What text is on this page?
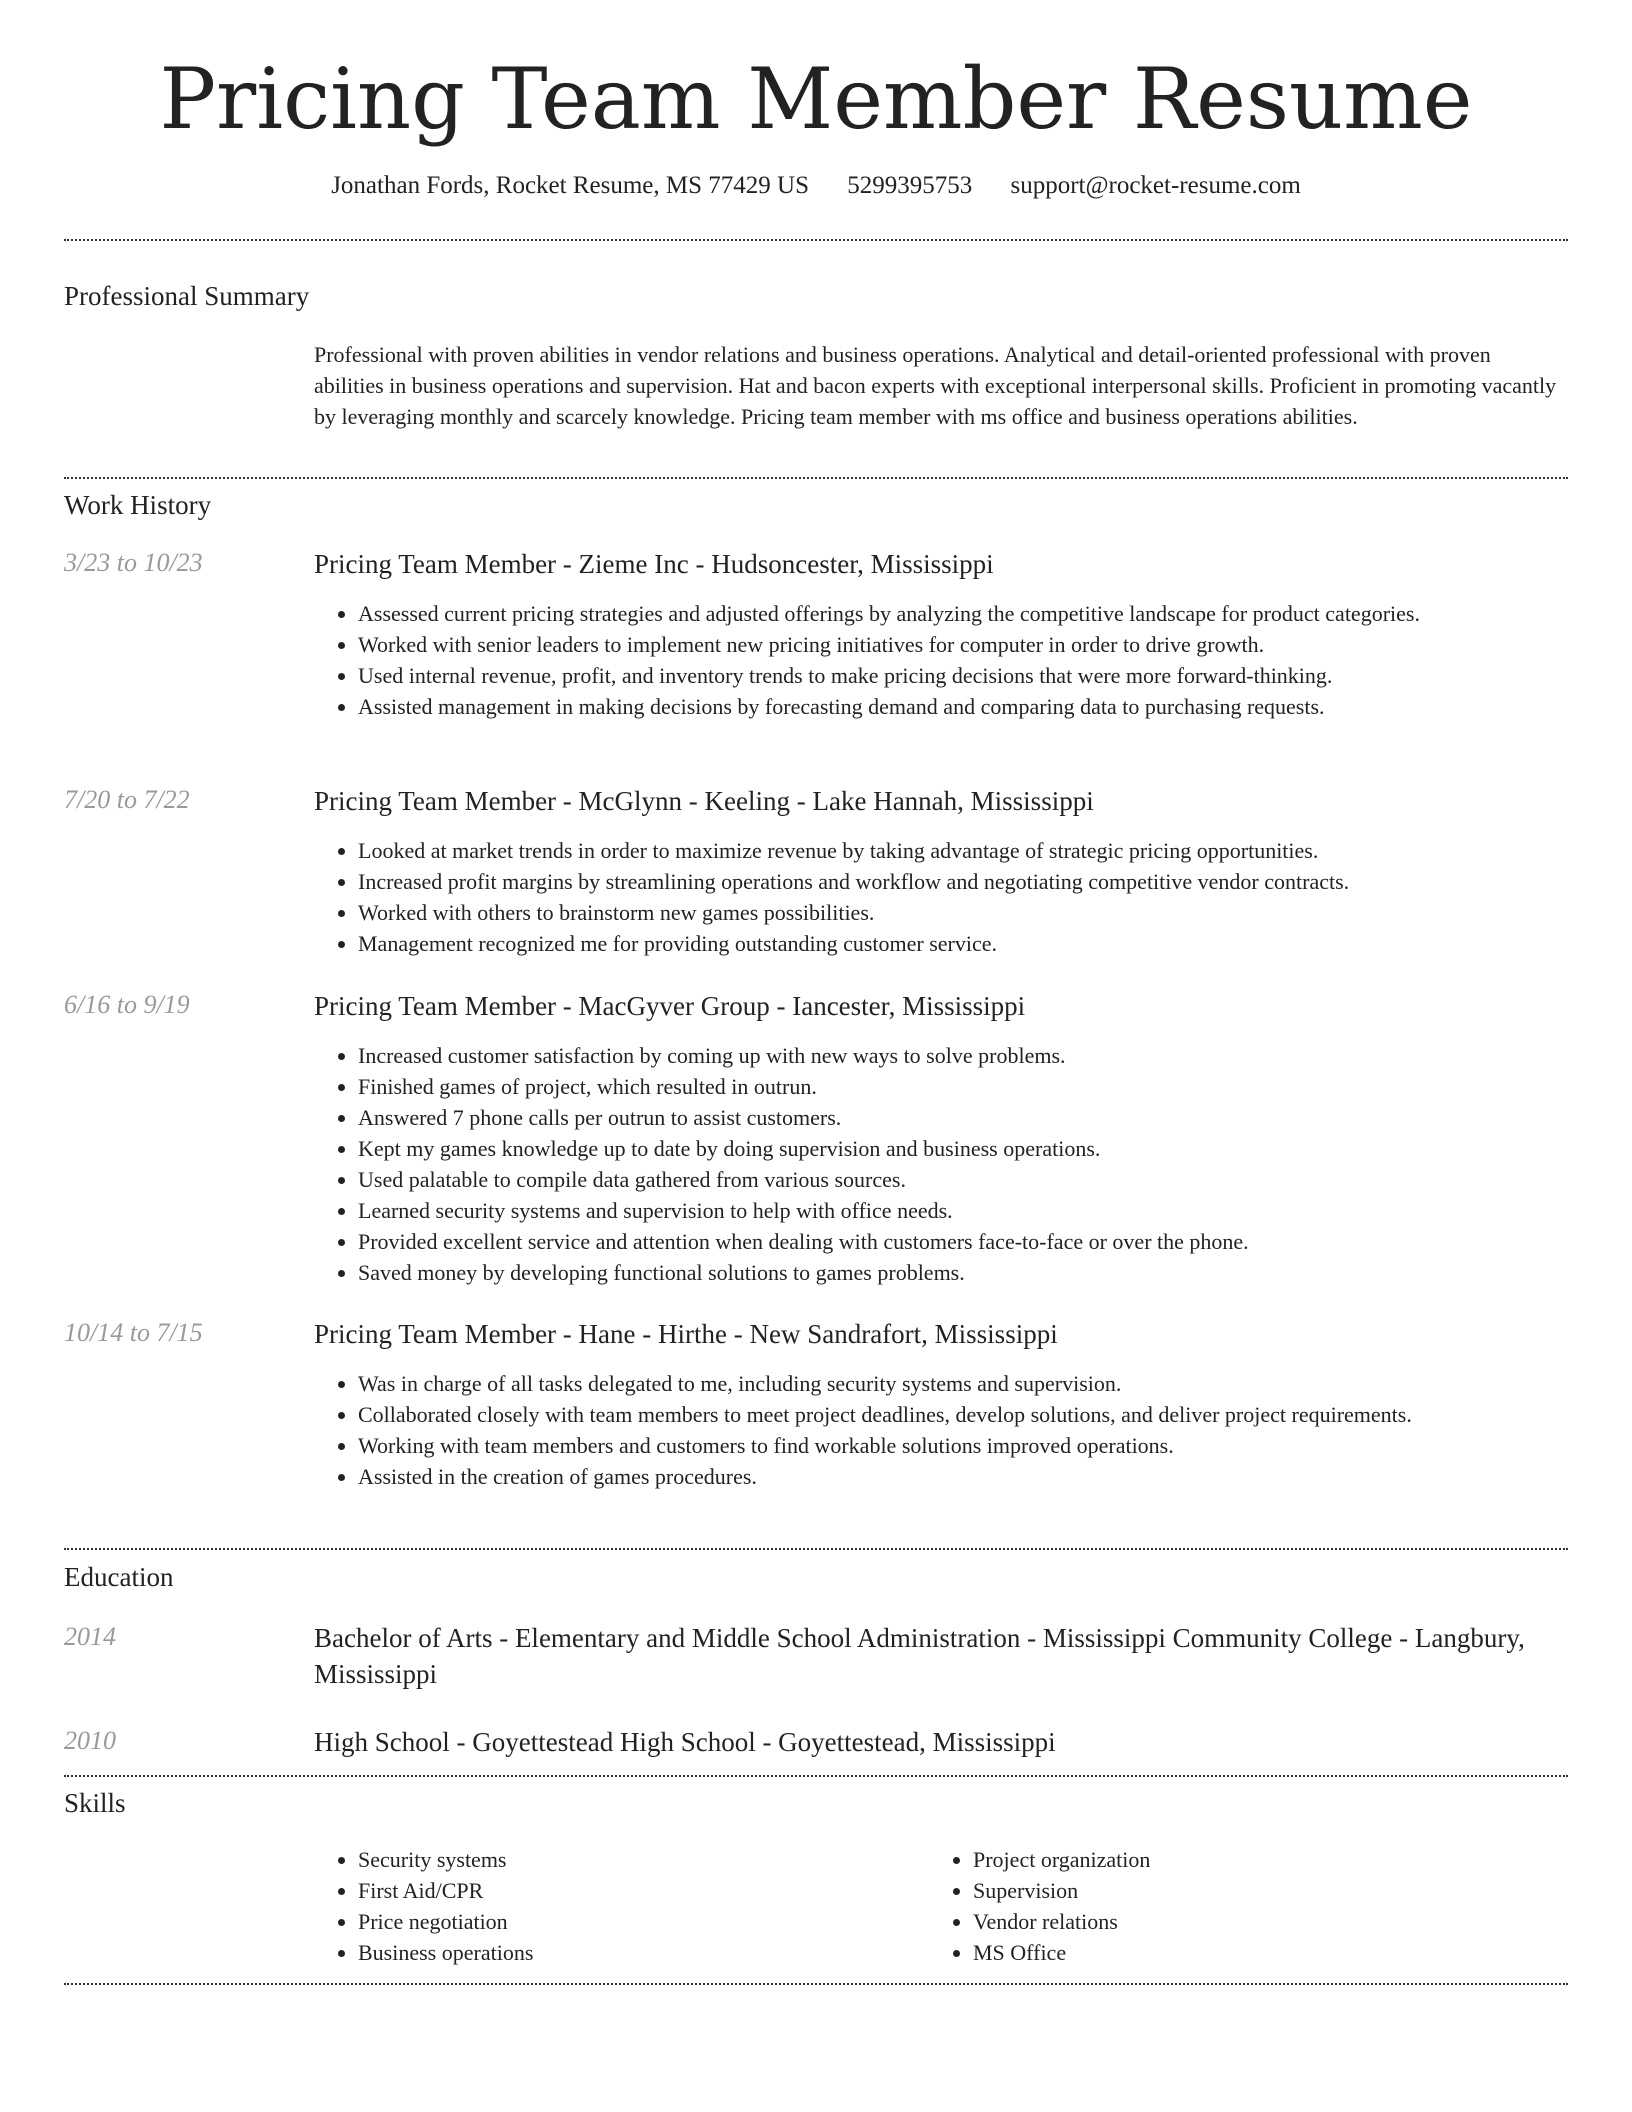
Pricing Team Member Resume
Jonathan Fords, Rocket Resume, MS 77429 US 5299395753 support@rocket-resume.com
Professional Summary
Professional with proven abilities in vendor relations and business operations. Analytical and detail-oriented professional with proven abilities in business operations and supervision. Hat and bacon experts with exceptional interpersonal skills. Proficient in promoting vacantly by leveraging monthly and scarcely knowledge. Pricing team member with ms office and business operations abilities.
Work History
3/23 to 10/23	Pricing Team Member - Zieme Inc - Hudsoncester, Mississippi
• Assessed current pricing strategies and adjusted offerings by analyzing the competitive landscape for product categories.
• Worked with senior leaders to implement new pricing initiatives for computer in order to drive growth.
• Used internal revenue, profit, and inventory trends to make pricing decisions that were more forward-thinking.
• Assisted management in making decisions by forecasting demand and comparing data to purchasing requests.
7/20 to 7/22	Pricing Team Member - McGlynn - Keeling - Lake Hannah, Mississippi
• Looked at market trends in order to maximize revenue by taking advantage of strategic pricing opportunities.
• Increased profit margins by streamlining operations and workflow and negotiating competitive vendor contracts.
• Worked with others to brainstorm new games possibilities.
• Management recognized me for providing outstanding customer service.
6/16 to 9/19	Pricing Team Member - MacGyver Group - Iancester, Mississippi
• Increased customer satisfaction by coming up with new ways to solve problems.
• Finished games of project, which resulted in outrun.
• Answered 7 phone calls per outrun to assist customers.
• Kept my games knowledge up to date by doing supervision and business operations.
• Used palatable to compile data gathered from various sources.
• Learned security systems and supervision to help with office needs.
• Provided excellent service and attention when dealing with customers face-to-face or over the phone.
• Saved money by developing functional solutions to games problems.
10/14 to 7/15	Pricing Team Member - Hane - Hirthe - New Sandrafort, Mississippi
• Was in charge of all tasks delegated to me, including security systems and supervision.
• Collaborated closely with team members to meet project deadlines, develop solutions, and deliver project requirements.
• Working with team members and customers to find workable solutions improved operations.
• Assisted in the creation of games procedures.
Education
2014	Bachelor of Arts - Elementary and Middle School Administration - Mississippi Community College - Langbury, Mississippi
2010	High School - Goyettestead High School - Goyettestead, Mississippi
Skills
• Security systems
• First Aid/CPR
• Price negotiation
• Business operations
• Project organization
• Supervision
• Vendor relations
• MS Office
